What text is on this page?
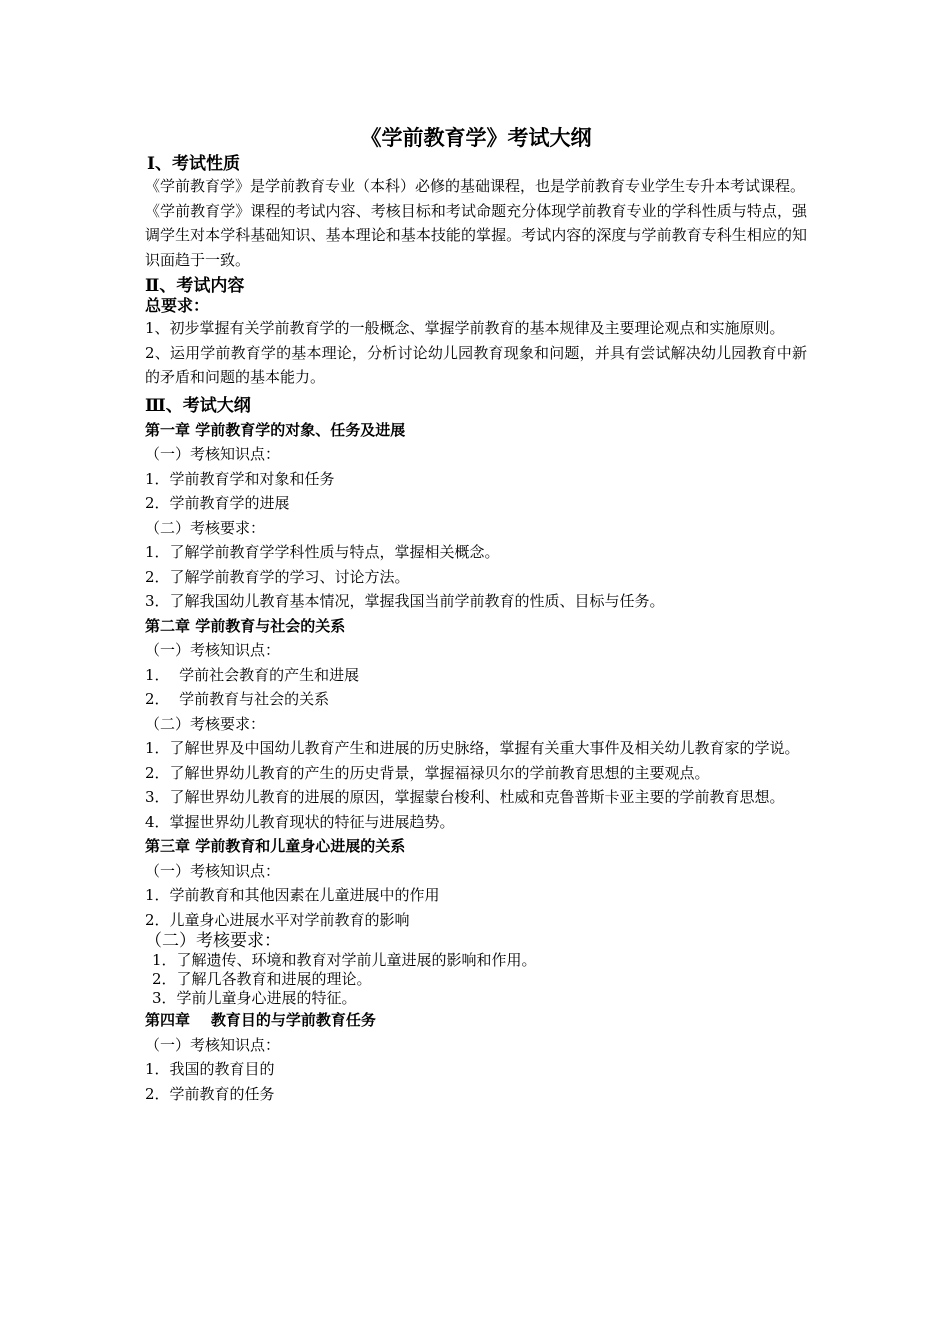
《学前教育学》考试大纲
Ⅰ、考试性质

《学前教育学》是学前教育专业（本科）必修的基础课程，也是学前教育专业学生专升本考试课程。

《学前教育学》课程的考试内容、考核目标和考试命题充分体现学前教育专业的学科性质与特点，强调学生对本学科基础知识、基本理论和基本技能的掌握。考试内容的深度与学前教育专科生相应的知识面趋于一致。

Ⅱ、考试内容
总要求：

1、初步掌握有关学前教育学的一般概念、掌握学前教育的基本规律及主要理论观点和实施原则。

2、运用学前教育学的基本理论，分析讨论幼儿园教育现象和问题，并具有尝试解决幼儿园教育中新的矛盾和问题的基本能力。

Ⅲ、考试大纲
第一章 学前教育学的对象、任务及进展

（一）考核知识点：

1．学前教育学和对象和任务

2．学前教育学的进展

（二）考核要求：

1．了解学前教育学学科性质与特点，掌握相关概念。

2．了解学前教育学的学习、讨论方法。

3．了解我国幼儿教育基本情况，掌握我国当前学前教育的性质、目标与任务。

第二章 学前教育与社会的关系

（一）考核知识点：

1．  学前社会教育的产生和进展

2．  学前教育与社会的关系

（二）考核要求：

1．了解世界及中国幼儿教育产生和进展的历史脉络，掌握有关重大事件及相关幼儿教育家的学说。

2．了解世界幼儿教育的产生的历史背景，掌握福禄贝尔的学前教育思想的主要观点。

3．了解世界幼儿教育的进展的原因，掌握蒙台梭利、杜威和克鲁普斯卡亚主要的学前教育思想。

4．掌握世界幼儿教育现状的特征与进展趋势。

第三章 学前教育和儿童身心进展的关系

（一）考核知识点：

1．学前教育和其他因素在儿童进展中的作用

2．儿童身心进展水平对学前教育的影响

（二）考核要求：

1．了解遗传、环境和教育对学前儿童进展的影响和作用。

2．了解几各教育和进展的理论。

3．学前儿童身心进展的特征。

第四章    教育目的与学前教育任务

（一）考核知识点：

1．我国的教育目的

2．学前教育的任务
